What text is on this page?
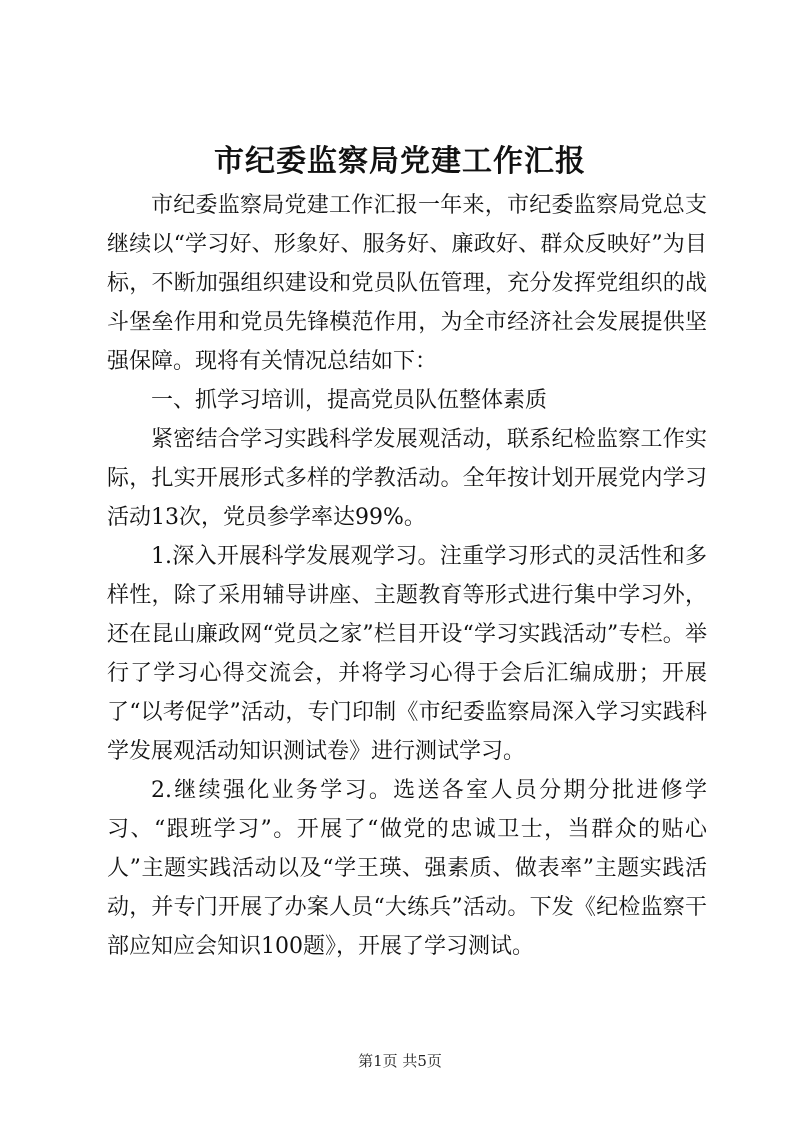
市纪委监察局党建工作汇报

市纪委监察局党建工作汇报一年来，市纪委监察局党总支继续以“学习好、形象好、服务好、廉政好、群众反映好”为目标，不断加强组织建设和党员队伍管理，充分发挥党组织的战斗堡垒作用和党员先锋模范作用，为全市经济社会发展提供坚强保障。现将有关情况总结如下：

一、抓学习培训，提高党员队伍整体素质

紧密结合学习实践科学发展观活动，联系纪检监察工作实际，扎实开展形式多样的学教活动。全年按计划开展党内学习活动13次，党员参学率达99%。

1.深入开展科学发展观学习。注重学习形式的灵活性和多样性，除了采用辅导讲座、主题教育等形式进行集中学习外，还在昆山廉政网“党员之家”栏目开设“学习实践活动”专栏。举行了学习心得交流会，并将学习心得于会后汇编成册；开展了“以考促学”活动，专门印制《市纪委监察局深入学习实践科学发展观活动知识测试卷》进行测试学习。

2.继续强化业务学习。选送各室人员分期分批进修学习、“跟班学习”。开展了“做党的忠诚卫士，当群众的贴心人”主题实践活动以及“学王瑛、强素质、做表率”主题实践活动，并专门开展了办案人员“大练兵”活动。下发《纪检监察干部应知应会知识100题》，开展了学习测试。

第1页 共5页
